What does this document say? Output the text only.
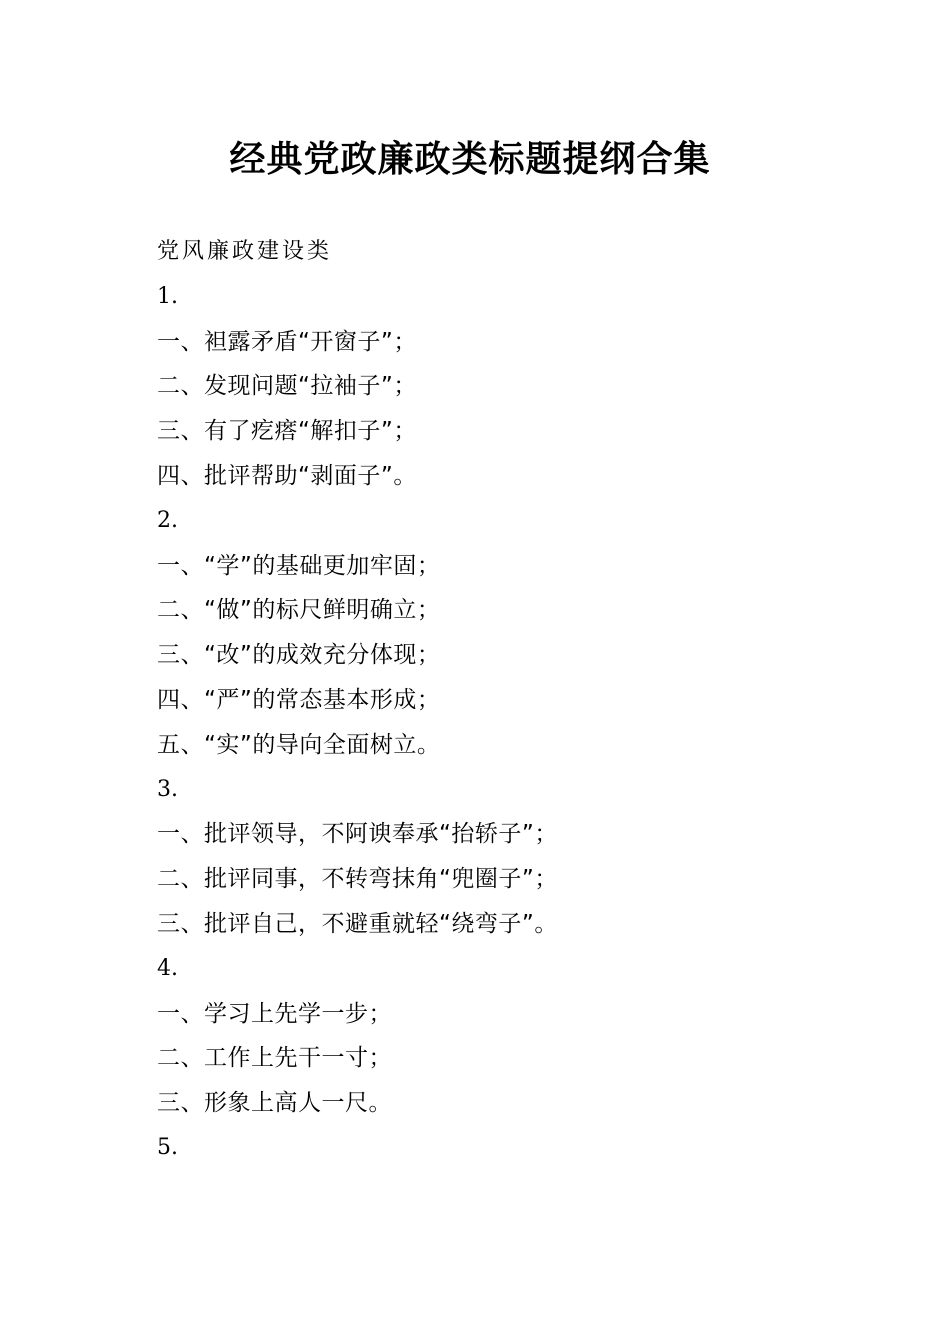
经典党政廉政类标题提纲合集
党风廉政建设类
1.
一、袒露矛盾“开窗子”；
二、发现问题“拉袖子”；
三、有了疙瘩“解扣子”；
四、批评帮助“剥面子”。
2.
一、“学”的基础更加牢固；
二、“做”的标尺鲜明确立；
三、“改”的成效充分体现；
四、“严”的常态基本形成；
五、“实”的导向全面树立。
3.
一、批评领导，不阿谀奉承“抬轿子”；
二、批评同事，不转弯抹角“兜圈子”；
三、批评自己，不避重就轻“绕弯子”。
4.
一、学习上先学一步；
二、工作上先干一寸；
三、形象上高人一尺。
5.
